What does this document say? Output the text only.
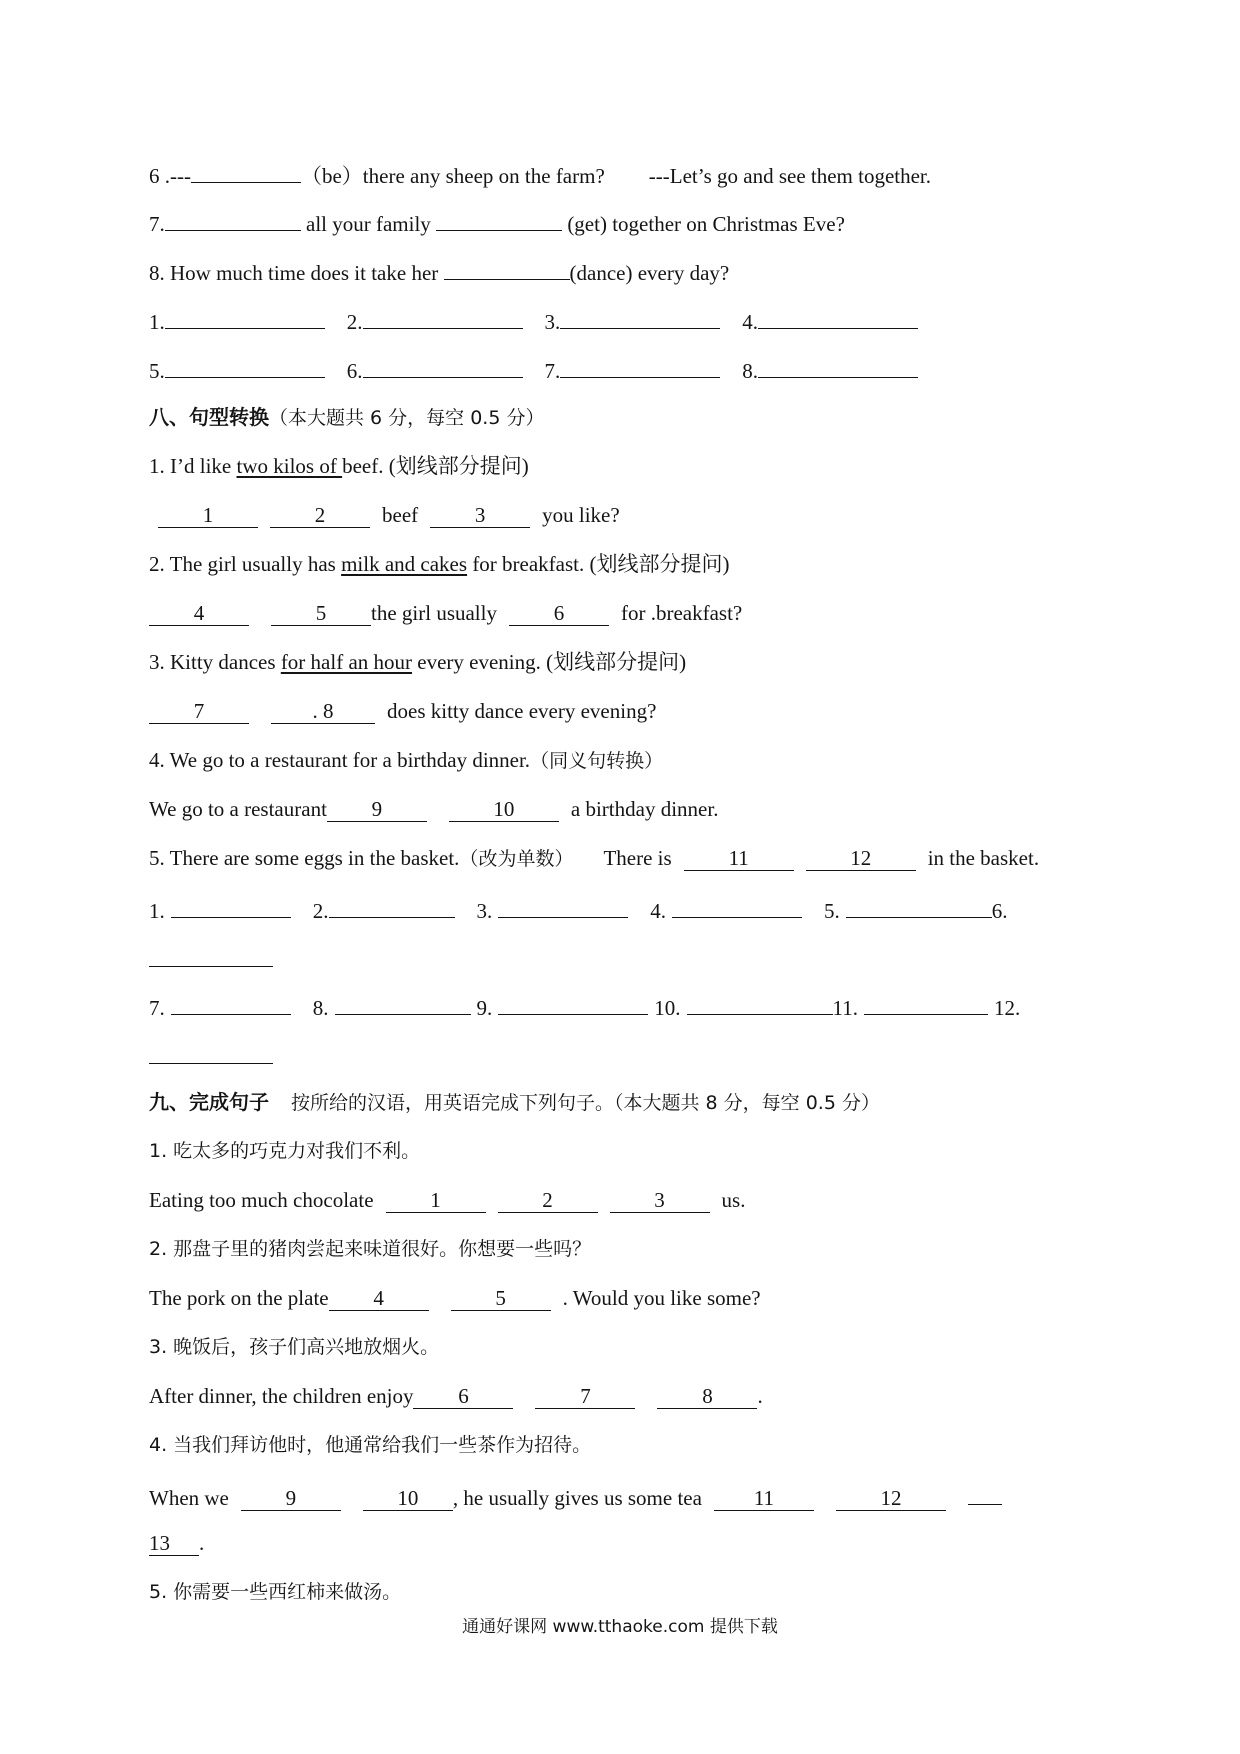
6 .---	（be）there any sheep on the farm? ---Let’s go and see them together.
7.	all your family	(get) together on Christmas Eve?
8. How much time does it take her	(dance) every day?
1.	2.	3.	4.
5.	6.	7.	8.
八、句型转换（本大题共 6 分，每空 0.5 分）
1. I’d like two kilos of beef. (划线部分提问)
1	2	beef	3	you like?
2. The girl usually has milk and cakes for breakfast. (划线部分提问)
4	5 the girl usually	6	for .breakfast?
3. Kitty dances for half an hour every evening. (划线部分提问)
7	. 8	does kitty dance every evening?
4. We go to a restaurant for a birthday dinner.（同义句转换）
We go to a restaurant 9	10	a birthday dinner.
5. There are some eggs in the basket.（改为单数） There is	11	12	in the basket.
1.	2.	3.	4.	5.	6.
7.	8.	9.	10.	11.	12.
九、完成句子 按所给的汉语，用英语完成下列句子。（本大题共 8 分，每空 0.5 分）
1. 吃太多的巧克力对我们不利。
Eating too much chocolate	1	2	3	us.
2. 那盘子里的猪肉尝起来味道很好。你想要一些吗？
The pork on the plate 4	5	. Would you like some?
3. 晚饭后，孩子们高兴地放烟火。
After dinner, the children enjoy 6	7	8 .
4. 当我们拜访他时，他通常给我们一些茶作为招待。
When we	9	10 , he usually gives us some tea 11	12
13 .
5. 你需要一些西红柿来做汤。
通通好课网 www.tthaoke.com 提供下载
